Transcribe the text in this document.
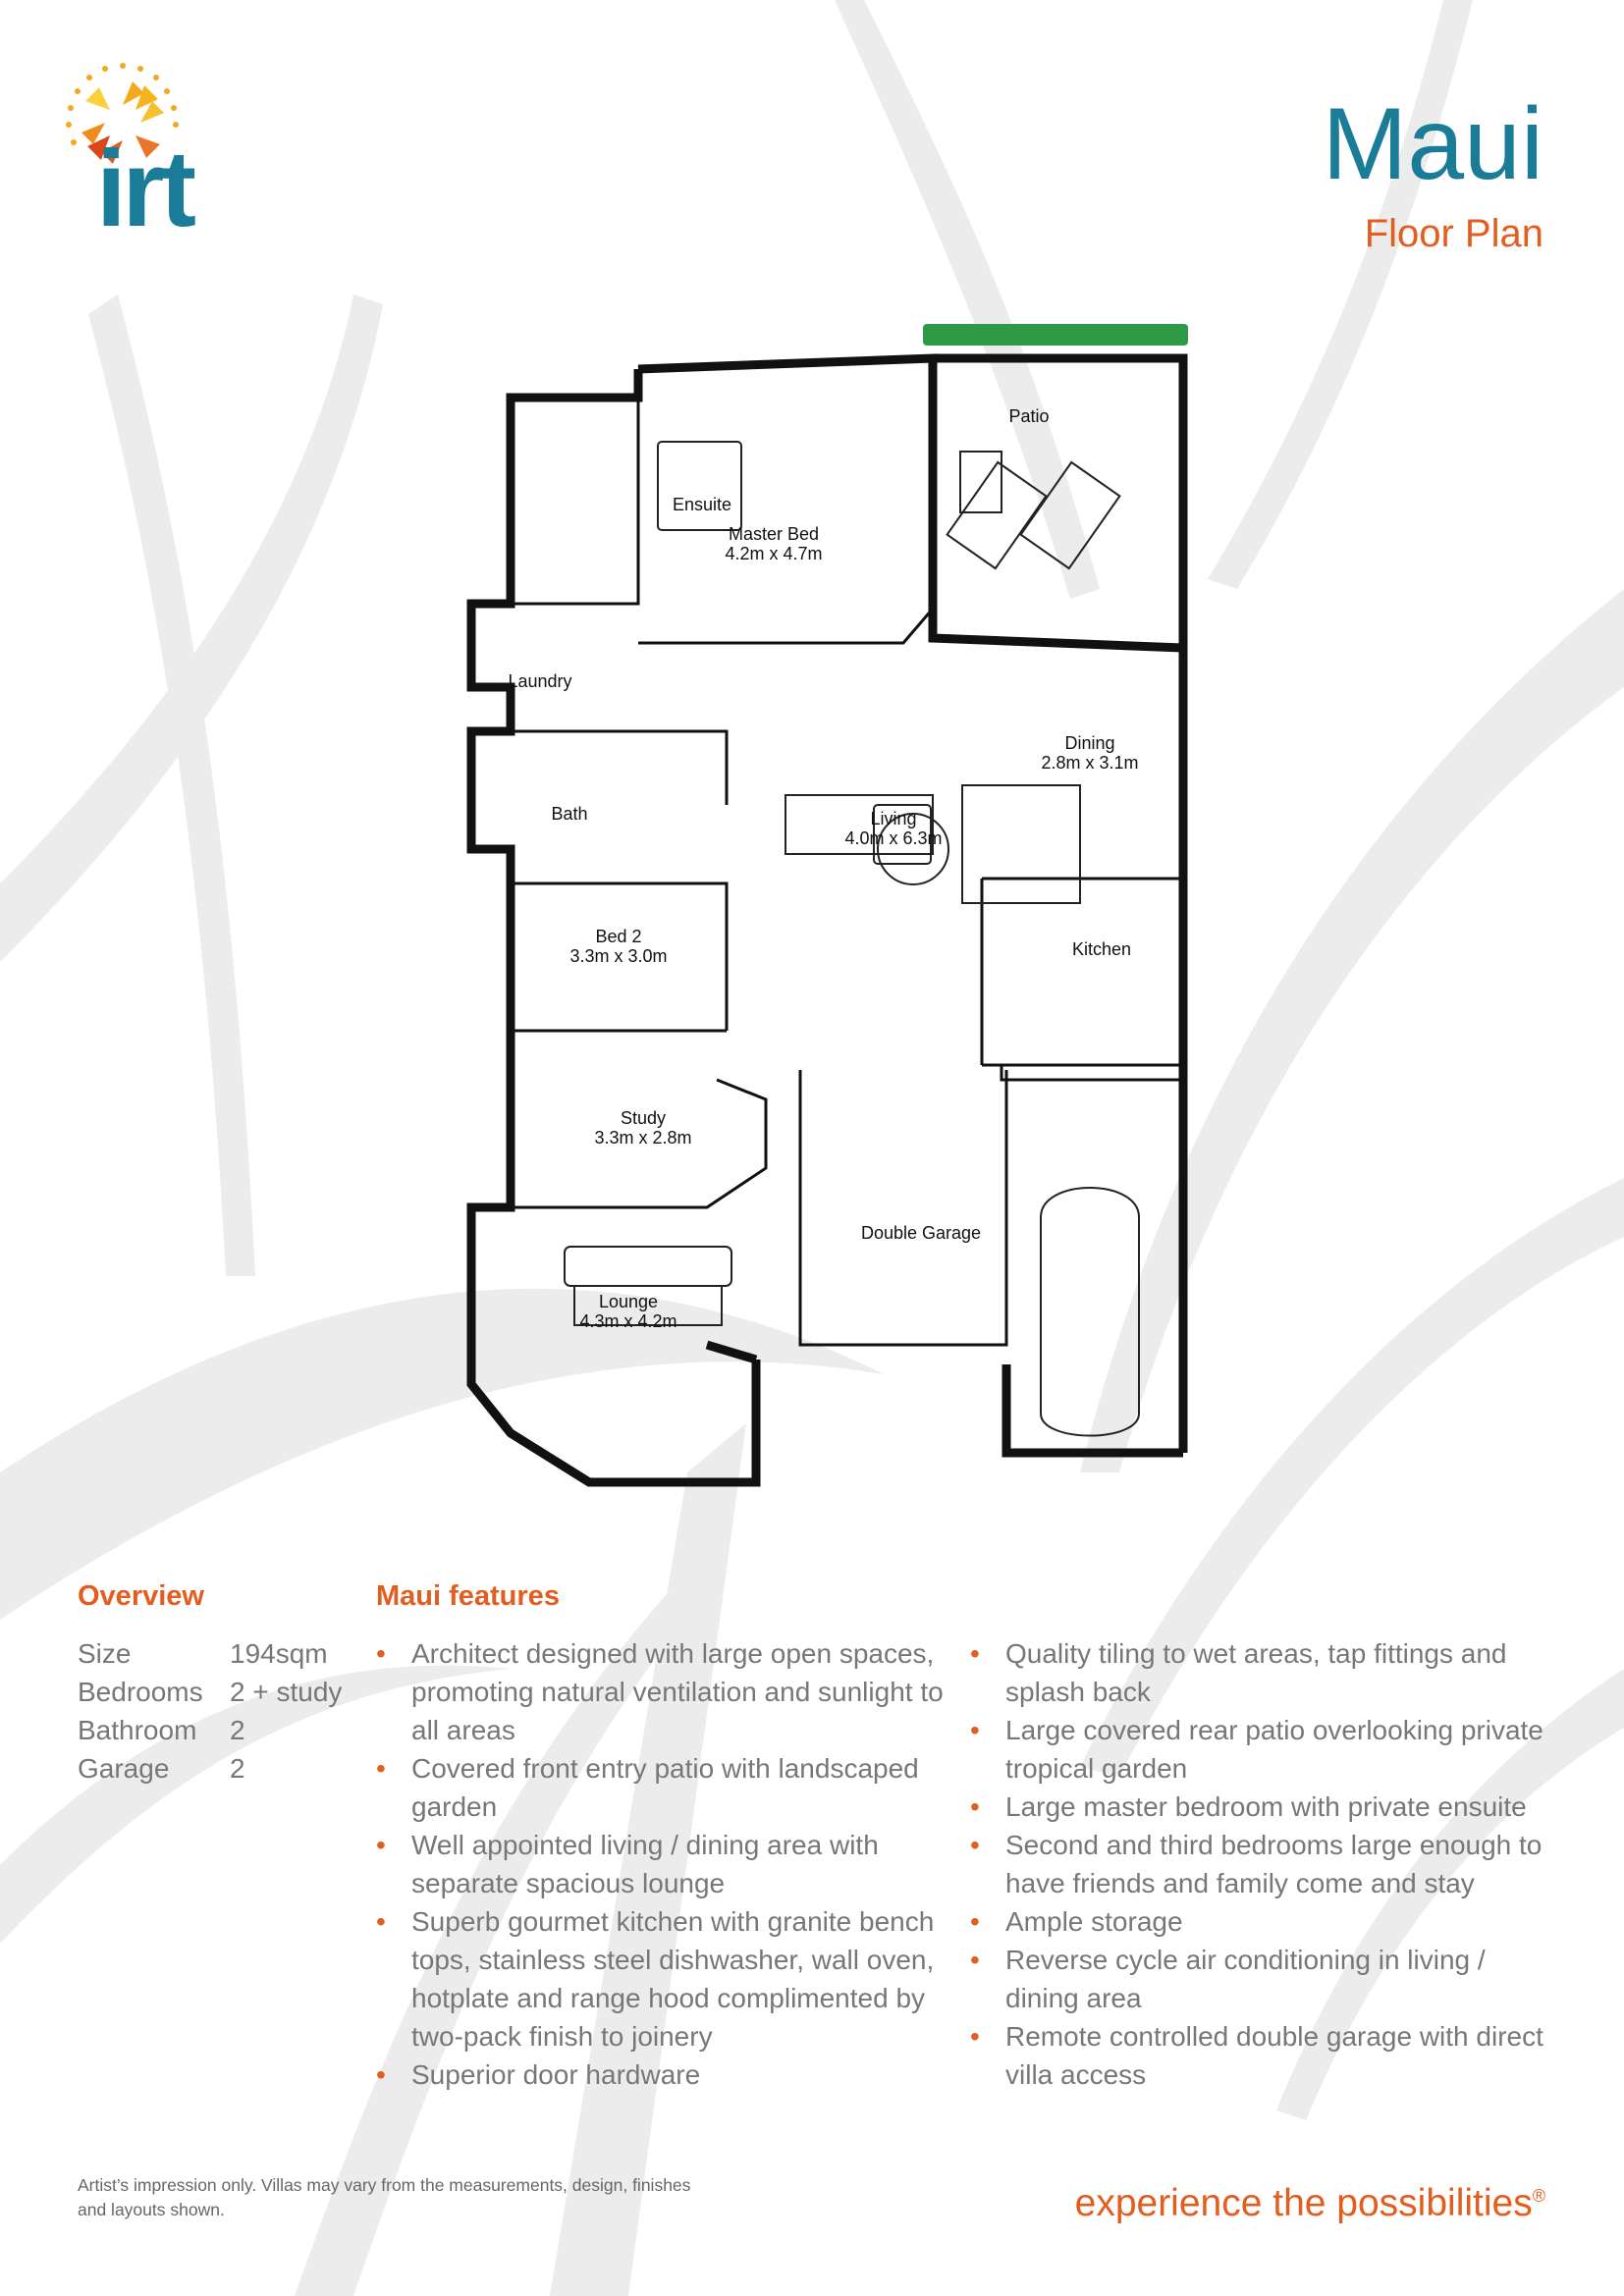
irt	Maui
Floor Plan
Patio
Ensuite
Master Bed
4.2m x 4.7m
Laundry
Dining
2.8m x 3.1m
Bath	Living
4.0m x 6.3m
Bed 2
3.3m x 3.0m	Kitchen
Study
3.3m x 2.8m
Double Garage
Lounge
4.3m x 4.2m
Overview
Size	194sqm
Bedrooms 2 + study
Bathroom	2
Garage	2
Maui features
• Architect designed with large open spaces, promoting natural ventilation and sunlight to all areas
• Covered front entry patio with landscaped garden
• Well appointed living / dining area with separate spacious lounge
• Superb gourmet kitchen with granite bench tops, stainless steel dishwasher, wall oven, hotplate and range hood complimented by two-pack finish to joinery
• Superior door hardware
• Quality tiling to wet areas, tap fittings and splash back
• Large covered rear patio overlooking private tropical garden
• Large master bedroom with private ensuite
• Second and third bedrooms large enough to have friends and family come and stay
• Ample storage
• Reverse cycle air conditioning in living / dining area
• Remote controlled double garage with direct villa access
Artist’s impression only. Villas may vary from the measurements, design, finishes and layouts shown.	experience the possibilities®
